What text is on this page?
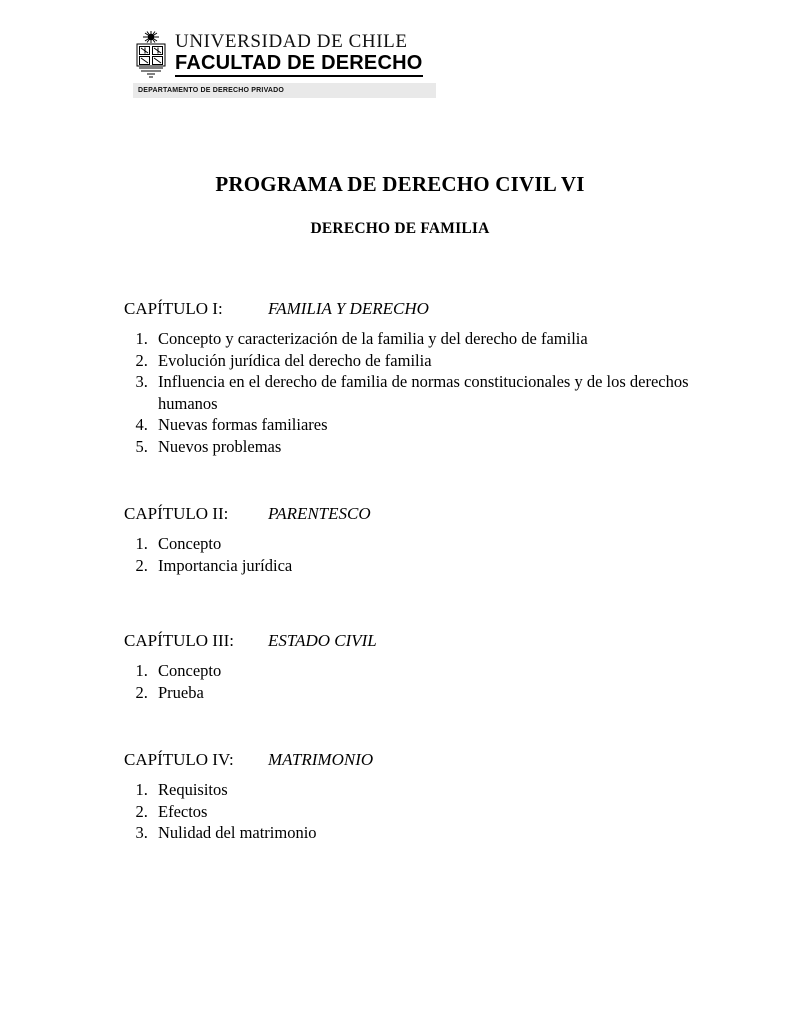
UNIVERSIDAD DE CHILE
FACULTAD DE DERECHO
DEPARTAMENTO DE DERECHO PRIVADO
PROGRAMA DE DERECHO CIVIL VI
DERECHO DE FAMILIA
CAPÍTULO I:	FAMILIA Y DERECHO
1. Concepto y caracterización de la familia y del derecho de familia
2. Evolución jurídica del derecho de familia
3. Influencia en el derecho de familia de normas constitucionales y de los derechos humanos
4. Nuevas formas familiares
5. Nuevos problemas
CAPÍTULO II: PARENTESCO
1. Concepto
2. Importancia jurídica
CAPÍTULO III: ESTADO CIVIL
1. Concepto
2. Prueba
CAPÍTULO IV: MATRIMONIO
1. Requisitos
2. Efectos
3. Nulidad del matrimonio
